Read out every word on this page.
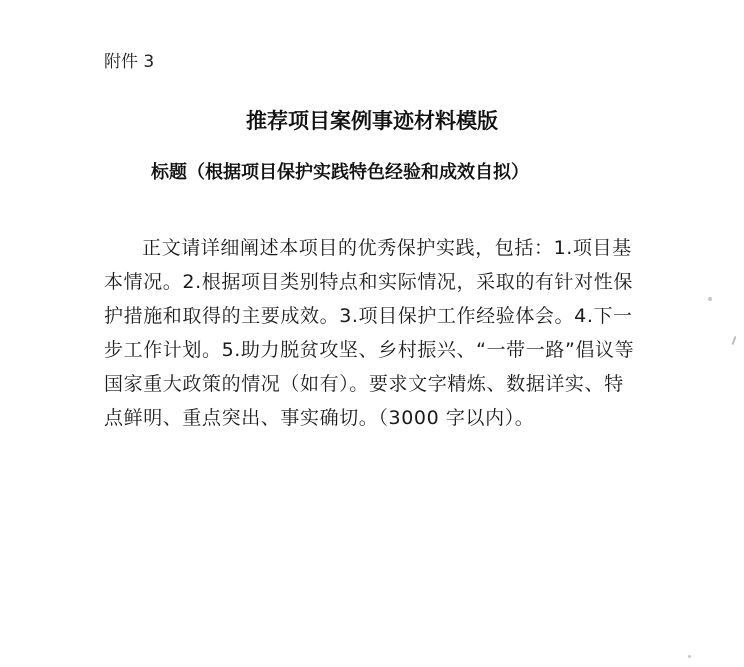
附件 3
推荐项目案例事迹材料模版
标题（根据项目保护实践特色经验和成效自拟）

正文请详细阐述本项目的优秀保护实践，包括：1.项目基本情况。2.根据项目类别特点和实际情况，采取的有针对性保护措施和取得的主要成效。3.项目保护工作经验体会。4.下一步工作计划。5.助力脱贫攻坚、乡村振兴、“一带一路”倡议等国家重大政策的情况（如有）。要求文字精炼、数据详实、特点鲜明、重点突出、事实确切。（3000 字以内）。
